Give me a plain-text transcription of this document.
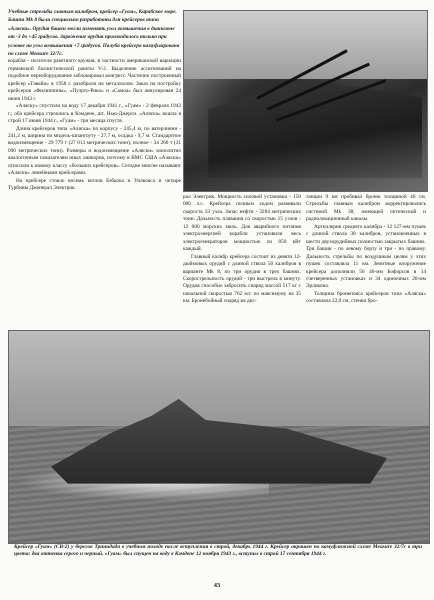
Учебные стрельбы главным калибром, крейсер «Гуам», Карибское море. Башни Mk 8 были специально разработаны для крейсеров типа «Аляска». Орудия башен могли изменять угол возвышения в диапазоне от -3 до +45 градусов. Заряжение орудия производилось только при угловое на угол возвышения +7 градусов. Палуба крейсера камуфлирована по схеме Measure 32/7c.

корабля - носителя ракетного оружия, в частности американской вариации германской баллистической ракеты V-2. Выделение ассигнований на подобное переоборудование заблокировал конгресс. Частично построенный крейсер «Гавайи» в 1958 г. разобрали на металлолом. Заказ на постройку крейсеров «Филиппины», «Пуэрто-Рико» и «Самоа» был аннулирован 24 июня 1943 г.

«Аляску» спустили на воду 17 декабря 1941 г., «Гуам» - 2 февраля 1942 г.; оба крейсера строились в Кэмдене, шт. Нью-Джерси. «Аляска» вошла в строй 17 июня 1944 г., «Гуам» - три месяца спустя.

Длина крейсеров типа «Аляска» по корпусу - 245,4 м, по ватерлинии - 241,2 м, ширина по мидель-шпангоуту - 27,7 м, осадка - 9,7 м. Стандартное водоизмещение - 29 779 т (27 013 метрических тонн), полное - 34 260 т (31 090 метрических тонн). Размеры и водоизмещение «Аляски» монолитно аналогичным показателям иных линкоров, поэтому в ВМС США «Аляски» относили к новому классу «больших крейсеров». Сегодня многие называют «Аляски» линейными крейсерами.

На крейсере стояло восемь котлов Бэбкока и Уилкокса и четыре Турбины Дженерал Электрик.

рал Электрик. Мощность силовой установки - 150 000 л.с. Крейсера полным ходом развивали скорость 33 узла. Запас нефти - 3284 метрических тонн. Дальность плавания со скоростью 15 узлов - 12 000 морских миль. Для аварийного питания электроэнергией корабли установили весь электрогенераторов мощностью по 850 кВт каждый.

Главный калибр крейсера состоит из девяти 12-дюймовых орудий с длиной ствола 50 калибров в варианте Mk 8, по три орудия в трех башнях. Скорострельность орудий - три выстрела в минуту. Орудия способно забросить снаряд массой 517 кг с начальной скоростью 762 м/с по максимуму на 35 км. Бронебойный снаряд на дис-

танции 9 км пробивал броню толщиной 46 см. Стрельбы главным калибром корректировались системой Mk 38, имеющей оптический и радиолокационный каналы.

Артиллерия среднего калибра - 12 127-мм пушек с длиной ствола 38 калибров, установленных в шести двухорудийных полностью закрытых башнях. Три башни - по левому борту и три - по правому. Дальность стрельбы по воздушным целям у этих пушек составляла 11 км. Зенитные вооружение крейсера дополняли 56 40-мм Бофорсов в 14 счетверенных установках и 34 одиночных 20-мм Эрликона.

Толщина бронепояса крейсеров типа «Аляска» составляла 22,9 см, стенки бро-

Крейсер «Гуам» (CB-2) у берегов Тринидада в учебном походе после вступления в строй, декабрь 1944 г. Крейсер окрашен по камуфляжной схеме Measure 32/7c в три цвета: два оттенка серого и черный. «Гуам» был спущен на воду в Кэмдене 12 ноября 1943 г., вступил в строй 17 сентября 1944 г.

43
